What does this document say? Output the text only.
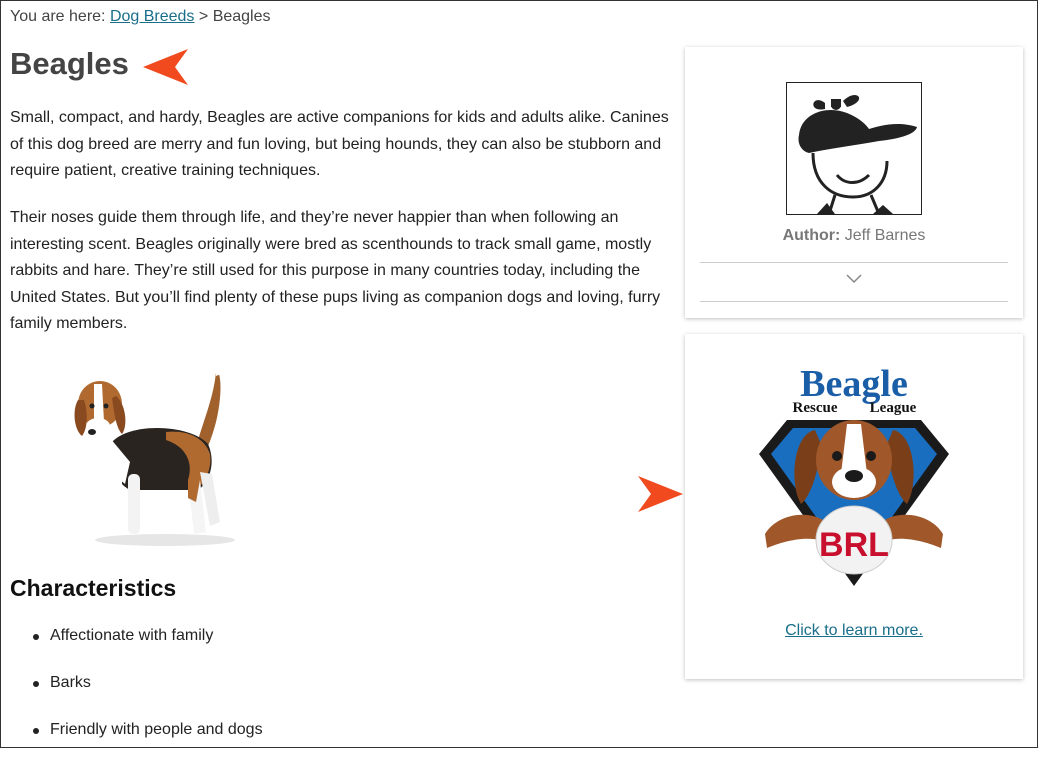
You are here: Dog Breeds > Beagles
Beagles

Small, compact, and hardy, Beagles are active companions for kids and adults alike. Canines of this dog breed are merry and fun loving, but being hounds, they can also be stubborn and require patient, creative training techniques.

Their noses guide them through life, and they’re never happier than when following an interesting scent. Beagles originally were bred as scenthounds to track small game, mostly rabbits and hare. They’re still used for this purpose in many countries today, including the United States. But you’ll find plenty of these pups living as companion dogs and loving, furry family members.

Characteristics
Affectionate with family
Barks
Friendly with people and dogs
Author: Jeff Barnes
BRL
Beagle
Rescue League
Click to learn more.
